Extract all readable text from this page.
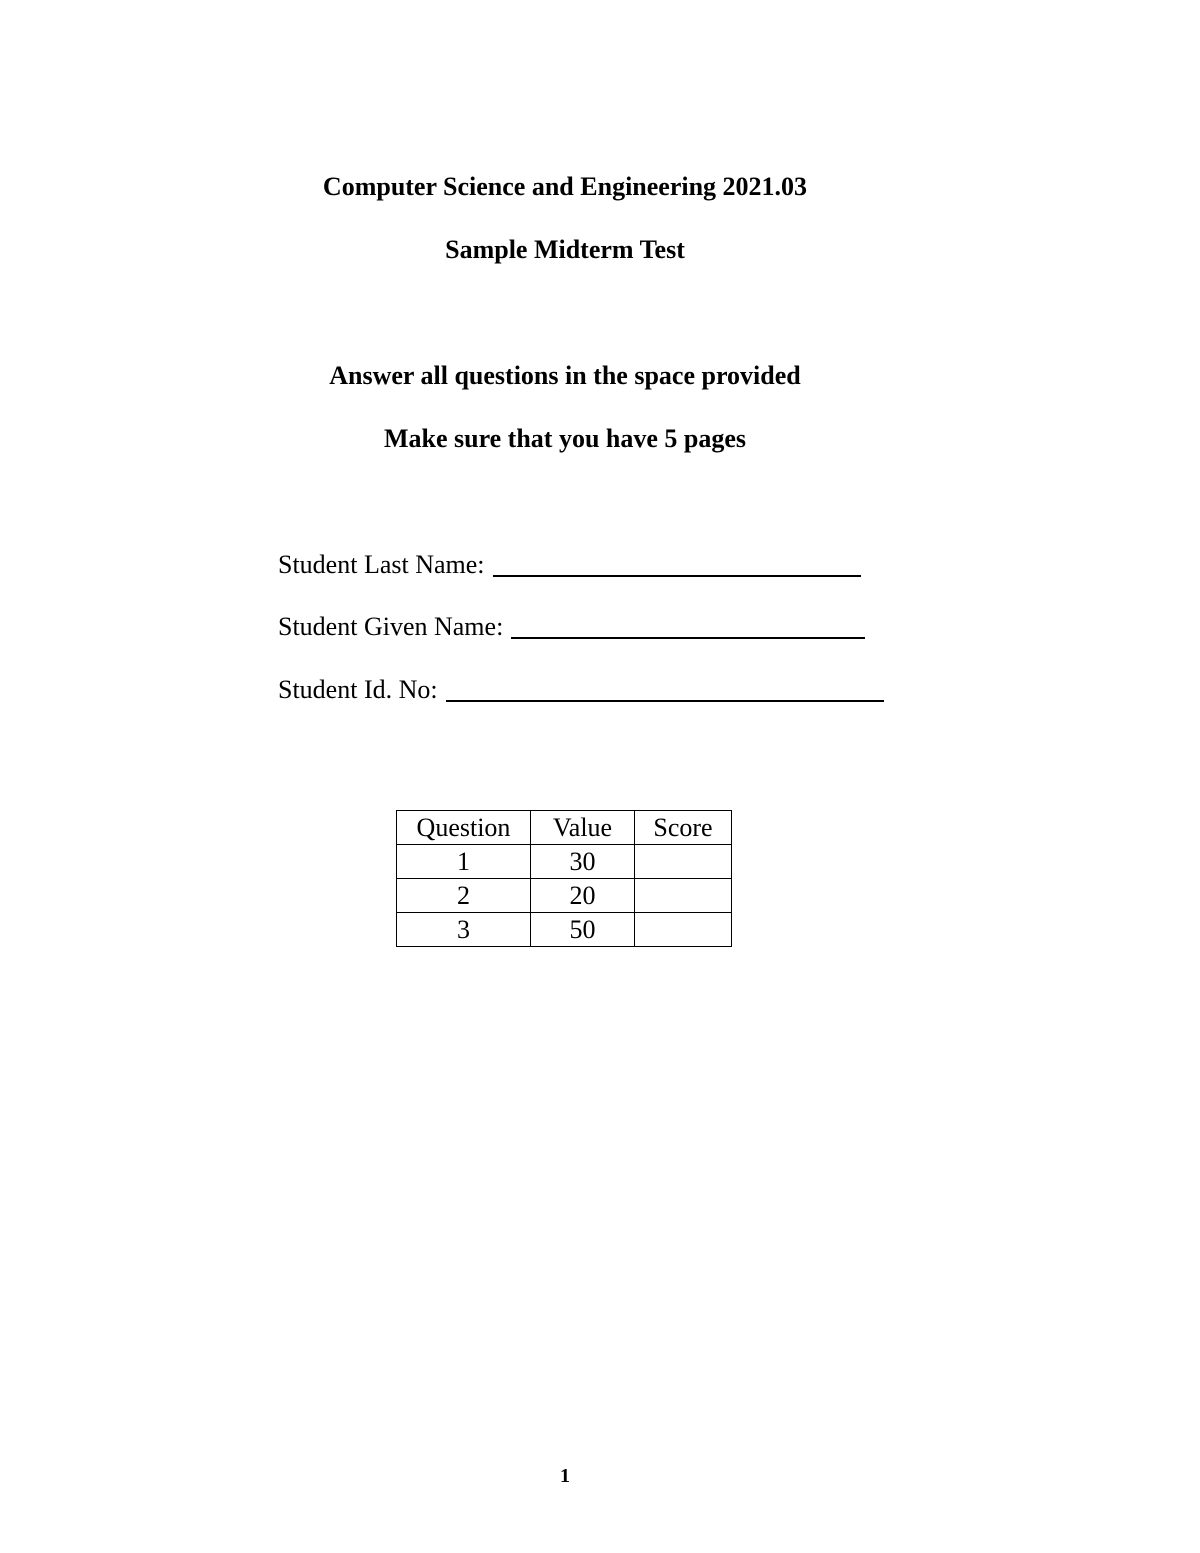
Computer Science and Engineering 2021.03
Sample Midterm Test
Answer all questions in the space provided
Make sure that you have 5 pages
Student Last Name:
Student Given Name:
Student Id. No:
Question	Value	Score
1	30	
2	20	
3	50	
1
